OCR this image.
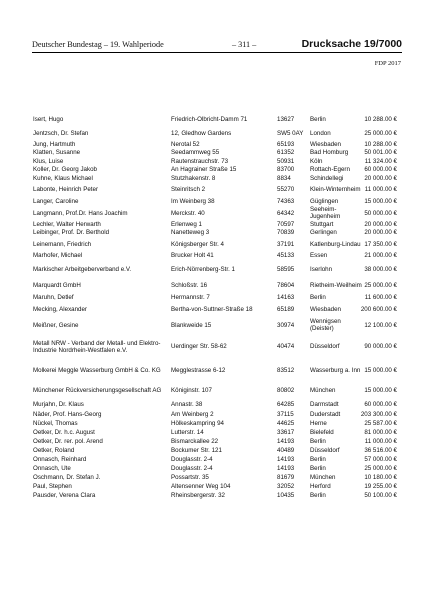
Deutscher Bundestag – 19. Wahlperiode	– 311 –	Drucksache 19/7000
FDP 2017
Isert, Hugo	Friedrich-Olbricht-Damm 71	13627	Berlin	10 288.00 €
Jentzsch, Dr. Stefan	12, Gledhow Gardens	SW5 0AY	London	25 000.00 €
Jung, Hartmuth	Nerotal 52	65193	Wiesbaden	10 288.00 €
Klatten, Susanne	Seedammweg 55	61352	Bad Homburg	50 001.00 €
Klus, Luise	Rautenstrauchstr. 73	50931	Köln	11 324.00 €
Koller, Dr. Georg Jakob	An Hagrainer Straße 15	83700	Rottach-Egern	60 000.00 €
Kuhne, Klaus Michael	Stutzhakenstr. 8	8834	Schindellegi	20 000.00 €
Labonte, Heinrich Peter	Steinritsch 2	55270	Klein-Winternheim 11 000.00 €
Langer, Caroline	Im Weinberg 38	74363	Güglingen	15 000.00 €
Langmann, Prof.Dr. Hans Joachim	Merckstr. 40	64342	Seeheim-Jugenheim	50 000.00 €
Lechler, Walter Herwarth	Erlenweg 1	70597	Stuttgart	20 000.00 €
Leibinger, Prof. Dr. Berthold	Nanetteweg 3	70839	Gerlingen	20 000.00 €
Leinemann, Friedrich	Königsberger Str. 4	37191	Katlenburg-Lindau 17 350.00 €
Marhofer, Michael	Brucker Holt 41	45133	Essen	21 000.00 €
Markischer Arbeitgeberverband e.V.	Erich-Nörrenberg-Str. 1	58595	Iserlohn	38 000.00 €
Marquardt GmbH	Schloßstr. 16	78604	Rietheim-Weilheim 25 000.00 €
Maruhn, Detlef	Hermannstr. 7	14163	Berlin	11 600.00 €
Mecking, Alexander	Bertha-von-Suttner-Straße 18	65189	Wiesbaden	200 600.00 €
Meißner, Gesine	Blankweide 15	30974	Wennigsen (Deister)	12 100.00 €
Metall NRW - Verband der Metall- und Elektro-Industrie Nordrhein-Westfalen e.V.	Uerdinger Str. 58-62	40474	Düsseldorf	90 000.00 €
Molkerei Meggle Wasserburg GmbH & Co. KG	Megglestrasse 6-12	83512	Wasserburg a. Inn 15 000.00 €
Münchener Rückversicherungsgesellschaft AG	Königinstr. 107	80802	München	15 000.00 €
Murjahn, Dr. Klaus	Annastr. 38	64285	Darmstadt	60 000.00 €
Näder, Prof. Hans-Georg	Am Weinberg 2	37115	Duderstadt	203 300.00 €
Nückel, Thomas	Hölkeskampring 94	44625	Herne	25 587.00 €
Oetker, Dr. h.c. August	Lutterstr. 14	33617	Bielefeld	81 000.00 €
Oetker, Dr. rer. pol. Arend	Bismarckallee 22	14193	Berlin	11 000.00 €
Oetker, Roland	Bockumer Str. 121	40489	Düsseldorf	36 516.00 €
Onnasch, Reinhard	Douglasstr. 2-4	14193	Berlin	57 000.00 €
Onnasch, Ute	Douglasstr. 2-4	14193	Berlin	25 000.00 €
Oschmann, Dr. Stefan J.	Possartstr. 35	81679	München	10 180.00 €
Paul, Stephen	Altensenner Weg 104	32052	Herford	19 255.00 €
Pausder, Verena Clara	Rheinsbergerstr. 32	10435	Berlin	50 100.00 €
